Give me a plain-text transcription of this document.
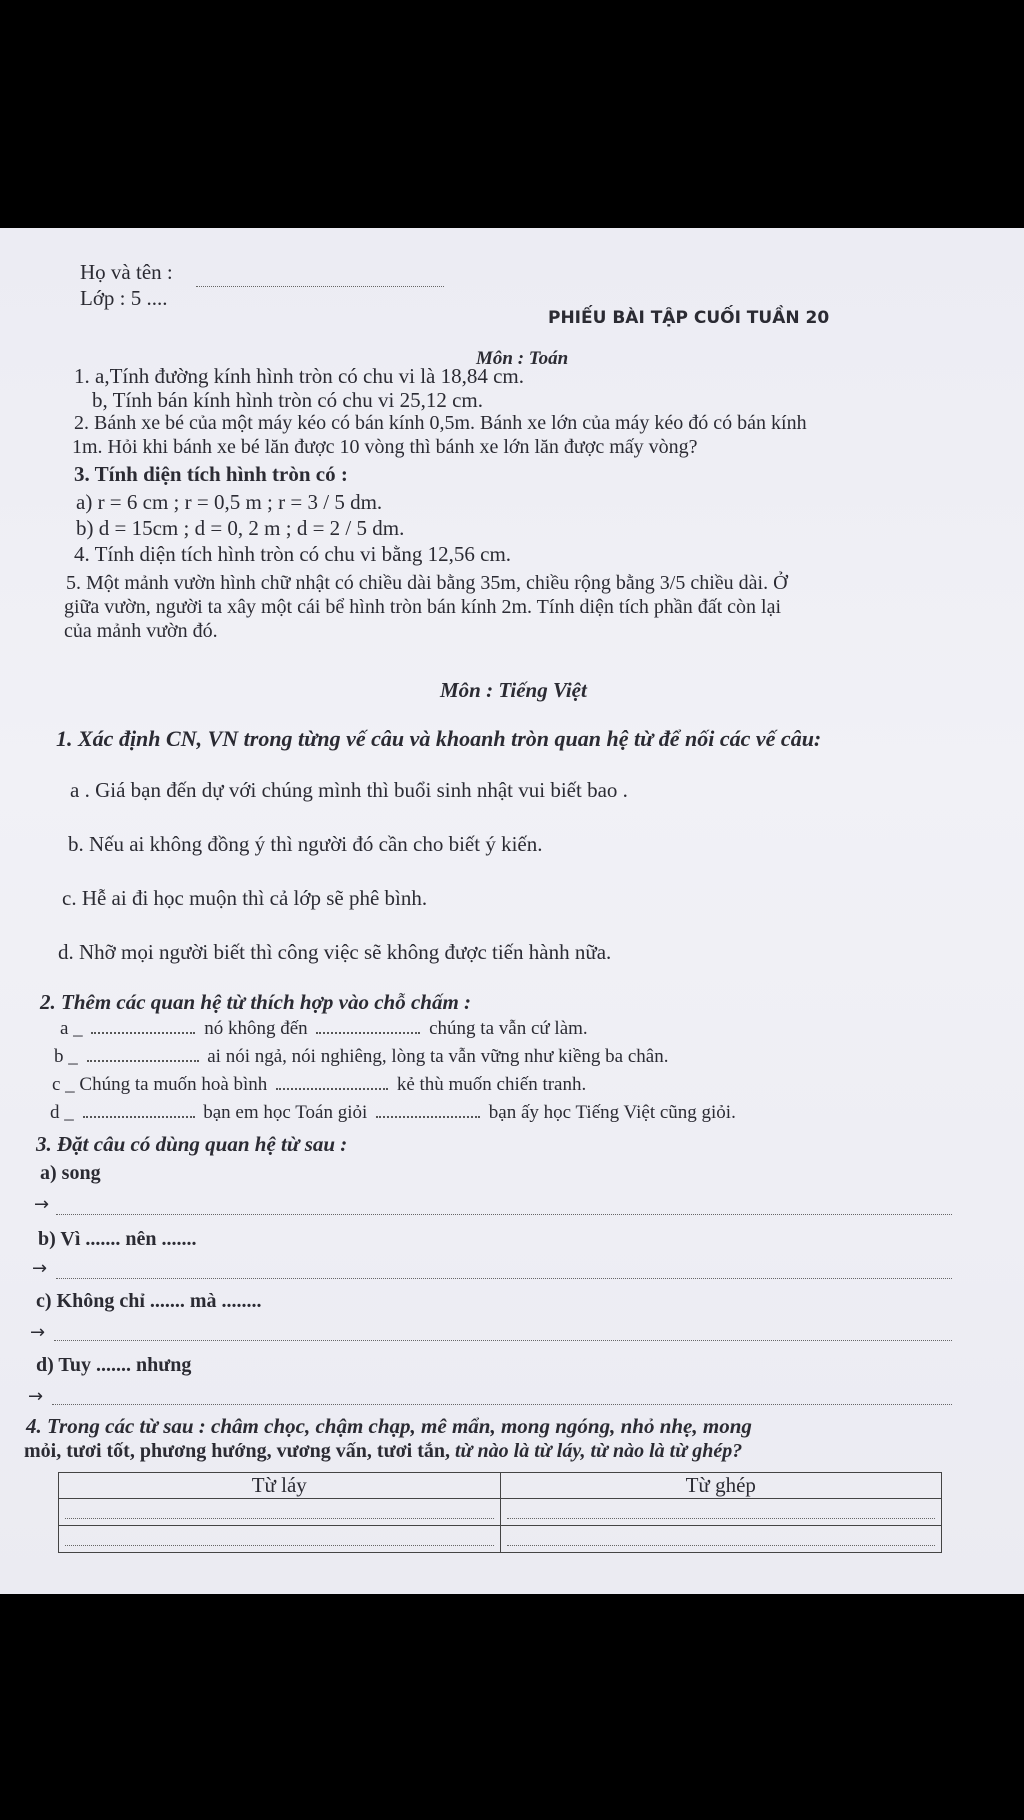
Họ và tên :
Lớp : 5 ....
PHIẾU BÀI TẬP CUỐI TUẦN 20
Môn : Toán
1. a,Tính đường kính hình tròn có chu vi là 18,84 cm.
b, Tính bán kính hình tròn có chu vi 25,12 cm.
2. Bánh xe bé của một máy kéo có bán kính 0,5m. Bánh xe lớn của máy kéo đó có bán kính
1m. Hỏi khi bánh xe bé lăn được 10 vòng thì bánh xe lớn lăn được mấy vòng?
3. Tính diện tích hình tròn có :
a) r = 6 cm ; r = 0,5 m ; r = 3 / 5 dm.
b) d = 15cm ; d = 0, 2 m ; d = 2 / 5 dm.
4. Tính diện tích hình tròn có chu vi bằng 12,56 cm.
5. Một mảnh vườn hình chữ nhật có chiều dài bằng 35m, chiều rộng bằng 3/5 chiều dài. Ở
giữa vườn, người ta xây một cái bể hình tròn bán kính 2m. Tính diện tích phần đất còn lại
của mảnh vườn đó.
Môn : Tiếng Việt
1. Xác định CN, VN trong từng vế câu và khoanh tròn quan hệ từ để nối các vế câu:
a . Giá bạn đến dự với chúng mình thì buổi sinh nhật vui biết bao .
b. Nếu ai không đồng ý thì người đó cần cho biết ý kiến.
c. Hễ ai đi học muộn thì cả lớp sẽ phê bình.
d. Nhỡ mọi người biết thì công việc sẽ không được tiến hành nữa.
2. Thêm các quan hệ từ thích hợp vào chỗ chấm :
a _	nó không đến	chúng ta vẫn cứ làm.
b _	ai nói ngả, nói nghiêng, lòng ta vẫn vững như kiềng ba chân.
c _ Chúng ta muốn hoà bình	kẻ thù muốn chiến tranh.
d _	bạn em học Toán giỏi	bạn ấy học Tiếng Việt cũng giỏi.
3. Đặt câu có dùng quan hệ từ sau :
a) song
→
b) Vì ....... nên .......
→
c) Không chỉ ....... mà ........
→
d) Tuy ....... nhưng
→
4. Trong các từ sau : châm chọc, chậm chạp, mê mẩn, mong ngóng, nhỏ nhẹ, mong
mỏi, tươi tốt, phương hướng, vương vấn, tươi tắn, từ nào là từ láy, từ nào là từ ghép?
Từ láy	Từ ghép
